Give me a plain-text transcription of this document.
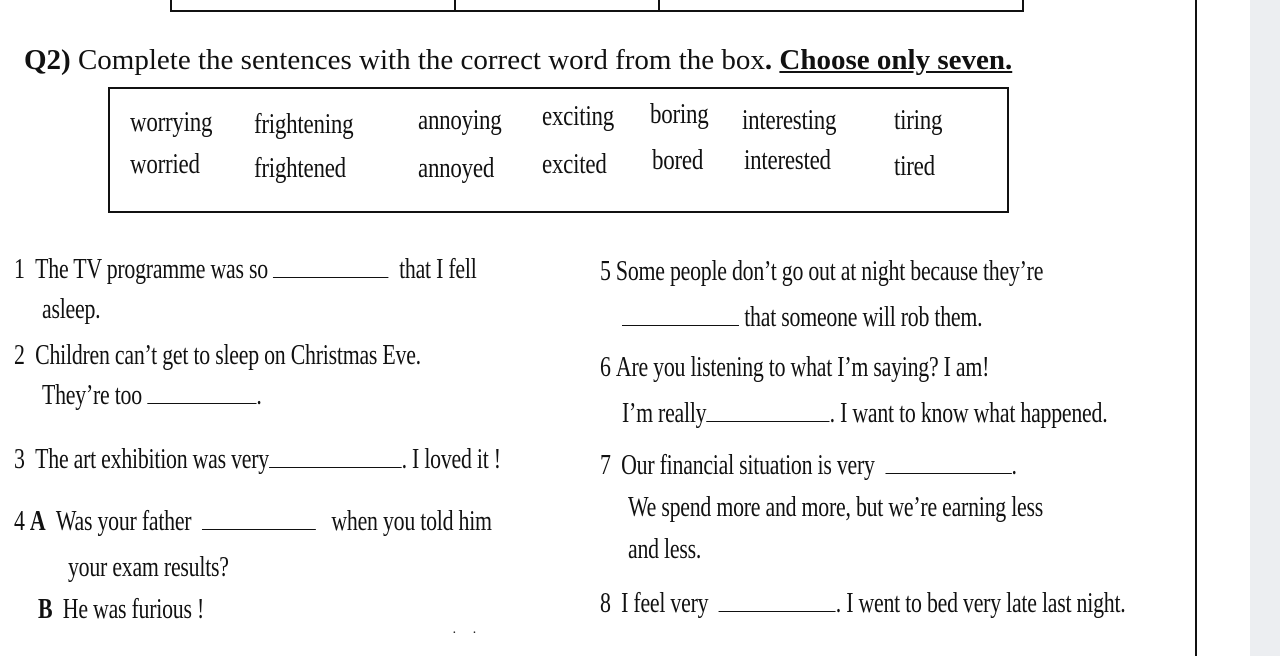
Q2) Complete the sentences with the correct word from the box. Choose only seven.
worrying frightening annoying exciting boring interesting tiring
worried frightened	annoyed excited bored interested tired
1 The TV programme was so	that I fell
asleep.
2 Children can’t get to sleep on Christmas Eve.
They’re too	.
3 The art exhibition was very	. I loved it !
4 A Was your father	when you told him
your exam results?
B He was furious !
5 Some people don’t go out at night because they’re
that someone will rob them.
6 Are you listening to what I’m saying? I am!
I’m really	. I want to know what happened.
7 Our financial situation is very	.
We spend more and more, but we’re earning less
and less.
8 I feel very	. I went to bed very late last night.
· ·
